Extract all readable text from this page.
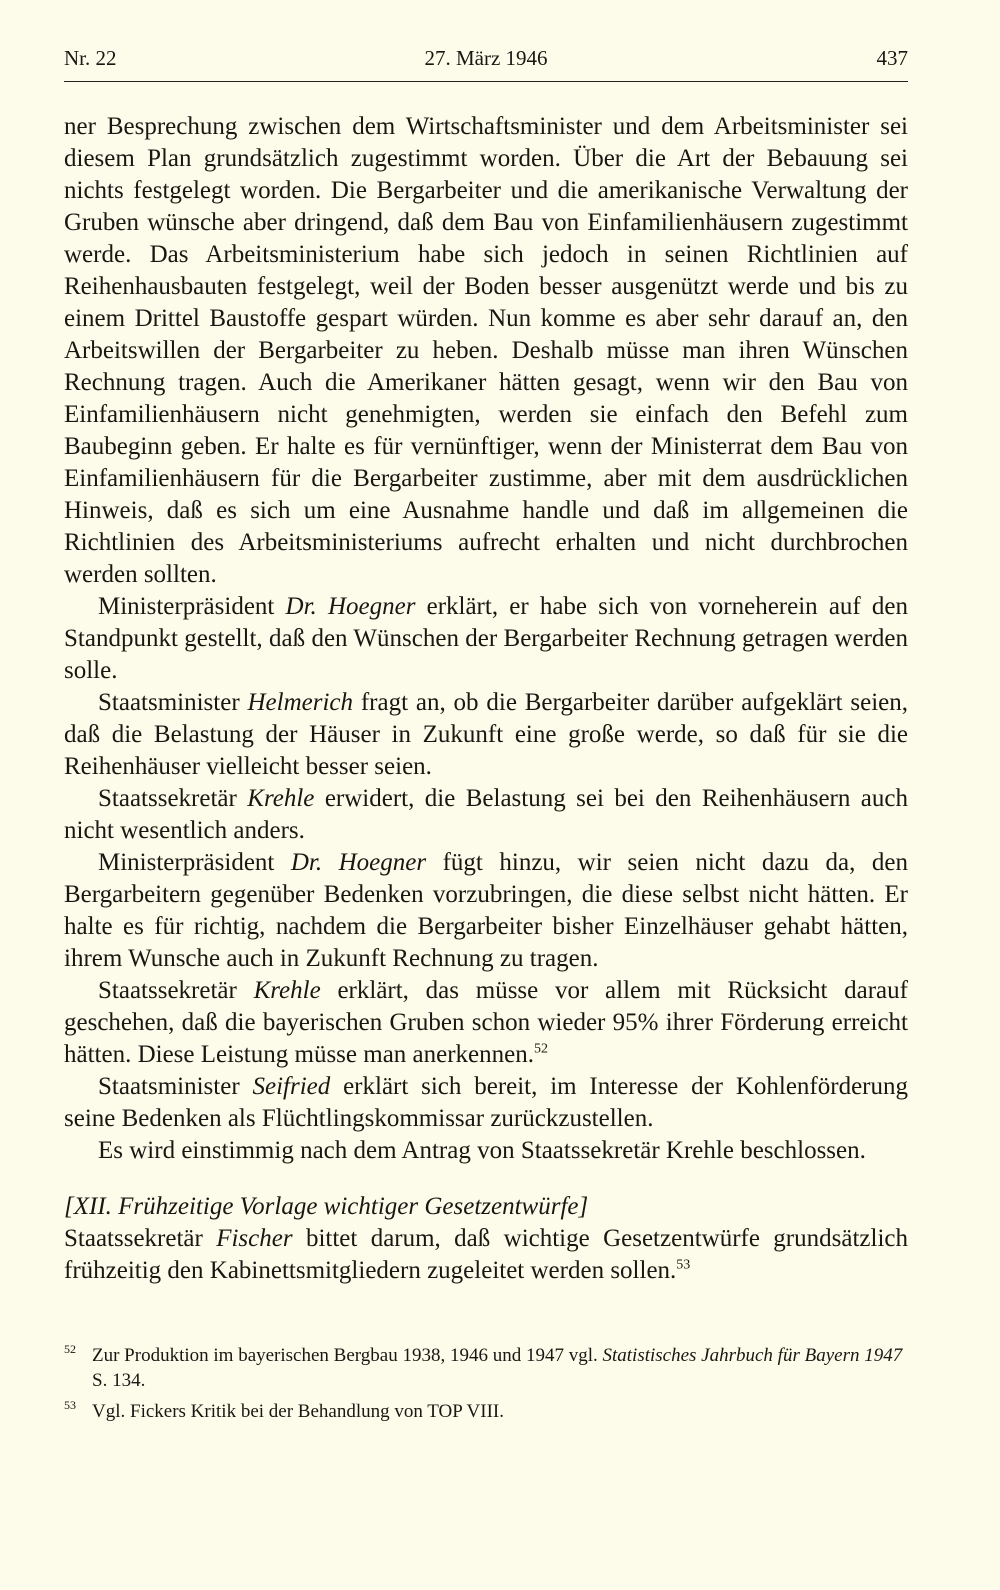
Nr. 22	27. März 1946	437

ner Besprechung zwischen dem Wirtschaftsminister und dem Arbeitsminister sei diesem Plan grundsätzlich zugestimmt worden. Über die Art der Bebauung sei nichts festgelegt worden. Die Bergarbeiter und die amerikanische Verwaltung der Gruben wünsche aber dringend, daß dem Bau von Einfamilienhäusern zugestimmt werde. Das Arbeitsministerium habe sich jedoch in seinen Richtlinien auf Reihenhausbauten festgelegt, weil der Boden besser ausgenützt werde und bis zu einem Drittel Baustoffe gespart würden. Nun komme es aber sehr darauf an, den Arbeitswillen der Bergarbeiter zu heben. Deshalb müsse man ihren Wünschen Rechnung tragen. Auch die Amerikaner hätten gesagt, wenn wir den Bau von Einfamilienhäusern nicht genehmigten, werden sie einfach den Befehl zum Baubeginn geben. Er halte es für vernünftiger, wenn der Ministerrat dem Bau von Einfamilienhäusern für die Bergarbeiter zustimme, aber mit dem ausdrücklichen Hinweis, daß es sich um eine Ausnahme handle und daß im allgemeinen die Richtlinien des Arbeitsministeriums aufrecht erhalten und nicht durchbrochen werden sollten.

Ministerpräsident Dr. Hoegner erklärt, er habe sich von vorneherein auf den Standpunkt gestellt, daß den Wünschen der Bergarbeiter Rechnung getragen werden solle.

Staatsminister Helmerich fragt an, ob die Bergarbeiter darüber aufgeklärt seien, daß die Belastung der Häuser in Zukunft eine große werde, so daß für sie die Reihenhäuser vielleicht besser seien.

Staatssekretär Krehle erwidert, die Belastung sei bei den Reihenhäusern auch nicht wesentlich anders.

Ministerpräsident Dr. Hoegner fügt hinzu, wir seien nicht dazu da, den Bergarbeitern gegenüber Bedenken vorzubringen, die diese selbst nicht hätten. Er halte es für richtig, nachdem die Bergarbeiter bisher Einzelhäuser gehabt hätten, ihrem Wunsche auch in Zukunft Rechnung zu tragen.

Staatssekretär Krehle erklärt, das müsse vor allem mit Rücksicht darauf geschehen, daß die bayerischen Gruben schon wieder 95% ihrer Förderung erreicht hätten. Diese Leistung müsse man anerkennen.$^{52}$

Staatsminister Seifried erklärt sich bereit, im Interesse der Kohlenförderung seine Bedenken als Flüchtlingskommissar zurückzustellen.

Es wird einstimmig nach dem Antrag von Staatssekretär Krehle beschlossen.

[XII. Frühzeitige Vorlage wichtiger Gesetzentwürfe]

Staatssekretär Fischer bittet darum, daß wichtige Gesetzentwürfe grundsätzlich frühzeitig den Kabinettsmitgliedern zugeleitet werden sollen.$^{53}$

52 Zur Produktion im bayerischen Bergbau 1938, 1946 und 1947 vgl. Statistisches Jahrbuch für Bayern 1947 S. 134.
53 Vgl. Fickers Kritik bei der Behandlung von TOP VIII.
